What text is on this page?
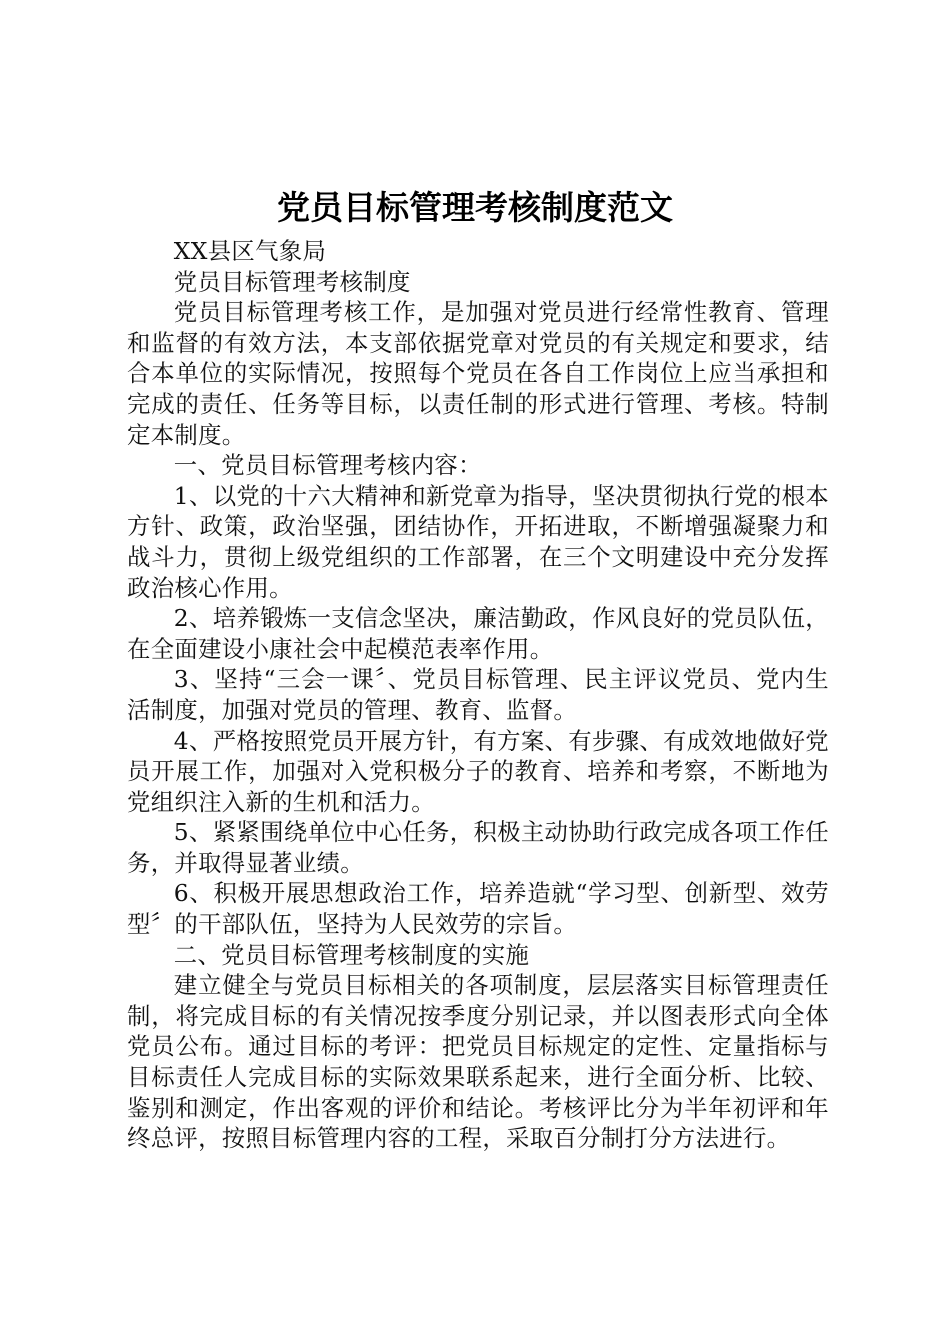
党员目标管理考核制度范文

XX县区气象局

党员目标管理考核制度

党员目标管理考核工作，是加强对党员进行经常性教育、管理和监督的有效方法，本支部依据党章对党员的有关规定和要求，结合本单位的实际情况，按照每个党员在各自工作岗位上应当承担和完成的责任、任务等目标，以责任制的形式进行管理、考核。特制定本制度。

一、党员目标管理考核内容：

1、以党的十六大精神和新党章为指导，坚决贯彻执行党的根本方针、政策，政治坚强，团结协作，开拓进取，不断增强凝聚力和战斗力，贯彻上级党组织的工作部署，在三个文明建设中充分发挥政治核心作用。

2、培养锻炼一支信念坚决，廉洁勤政，作风良好的党员队伍，在全面建设小康社会中起模范表率作用。

3、坚持“三会一课〞、党员目标管理、民主评议党员、党内生活制度，加强对党员的管理、教育、监督。

4、严格按照党员开展方针，有方案、有步骤、有成效地做好党员开展工作，加强对入党积极分子的教育、培养和考察，不断地为党组织注入新的生机和活力。

5、紧紧围绕单位中心任务，积极主动协助行政完成各项工作任务，并取得显著业绩。

6、积极开展思想政治工作，培养造就“学习型、创新型、效劳型〞的干部队伍，坚持为人民效劳的宗旨。

二、党员目标管理考核制度的实施

建立健全与党员目标相关的各项制度，层层落实目标管理责任制，将完成目标的有关情况按季度分别记录，并以图表形式向全体党员公布。通过目标的考评：把党员目标规定的定性、定量指标与目标责任人完成目标的实际效果联系起来，进行全面分析、比较、鉴别和测定，作出客观的评价和结论。考核评比分为半年初评和年终总评，按照目标管理内容的工程，采取百分制打分方法进行。
